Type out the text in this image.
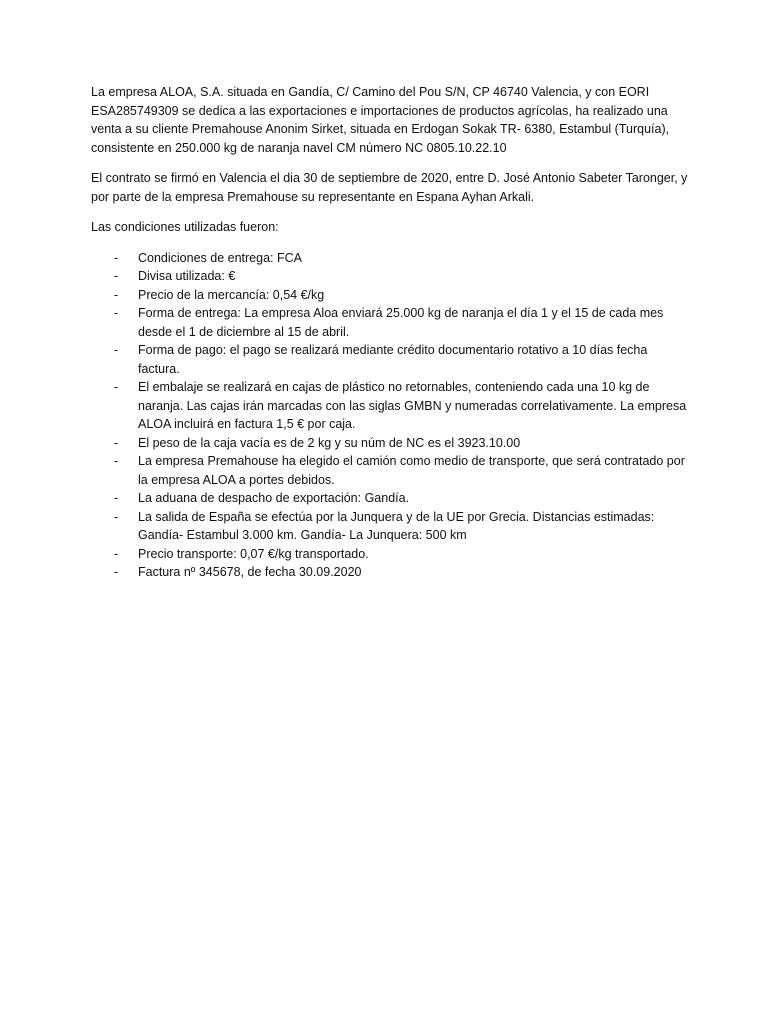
La empresa ALOA, S.A. situada en Gandía, C/ Camino del Pou S/N, CP 46740 Valencia, y con EORI ESA285749309 se dedica a las exportaciones e importaciones de productos agrícolas, ha realizado una venta a su cliente Premahouse Anonim Sirket, situada en Erdogan Sokak TR- 6380, Estambul (Turquía), consistente en 250.000 kg de naranja navel CM número NC 0805.10.22.10

El contrato se firmó en Valencia el dia 30 de septiembre de 2020, entre D. José Antonio Sabeter Taronger, y por parte de la empresa Premahouse su representante en Espana Ayhan Arkali.

Las condiciones utilizadas fueron:

- Condiciones de entrega: FCA
- Divisa utilizada: €
- Precio de la mercancía: 0,54 €/kg
- Forma de entrega: La empresa Aloa enviará 25.000 kg de naranja el día 1 y el 15 de cada mes desde el 1 de diciembre al 15 de abril.
- Forma de pago: el pago se realizará mediante crédito documentario rotativo a 10 días fecha factura.
- El embalaje se realizará en cajas de plástico no retornables, conteniendo cada una 10 kg de naranja. Las cajas irán marcadas con las siglas GMBN y numeradas correlativamente. La empresa ALOA incluirá en factura 1,5 € por caja.
- El peso de la caja vacía es de 2 kg y su núm de NC es el 3923.10.00
- La empresa Premahouse ha elegido el camión como medio de transporte, que será contratado por la empresa ALOA a portes debidos.
- La aduana de despacho de exportación: Gandía.
- La salida de España se efectúa por la Junquera y de la UE por Grecia. Distancias estimadas: Gandía- Estambul 3.000 km. Gandía- La Junquera: 500 km
- Precio transporte: 0,07 €/kg transportado.
- Factura nº 345678, de fecha 30.09.2020
